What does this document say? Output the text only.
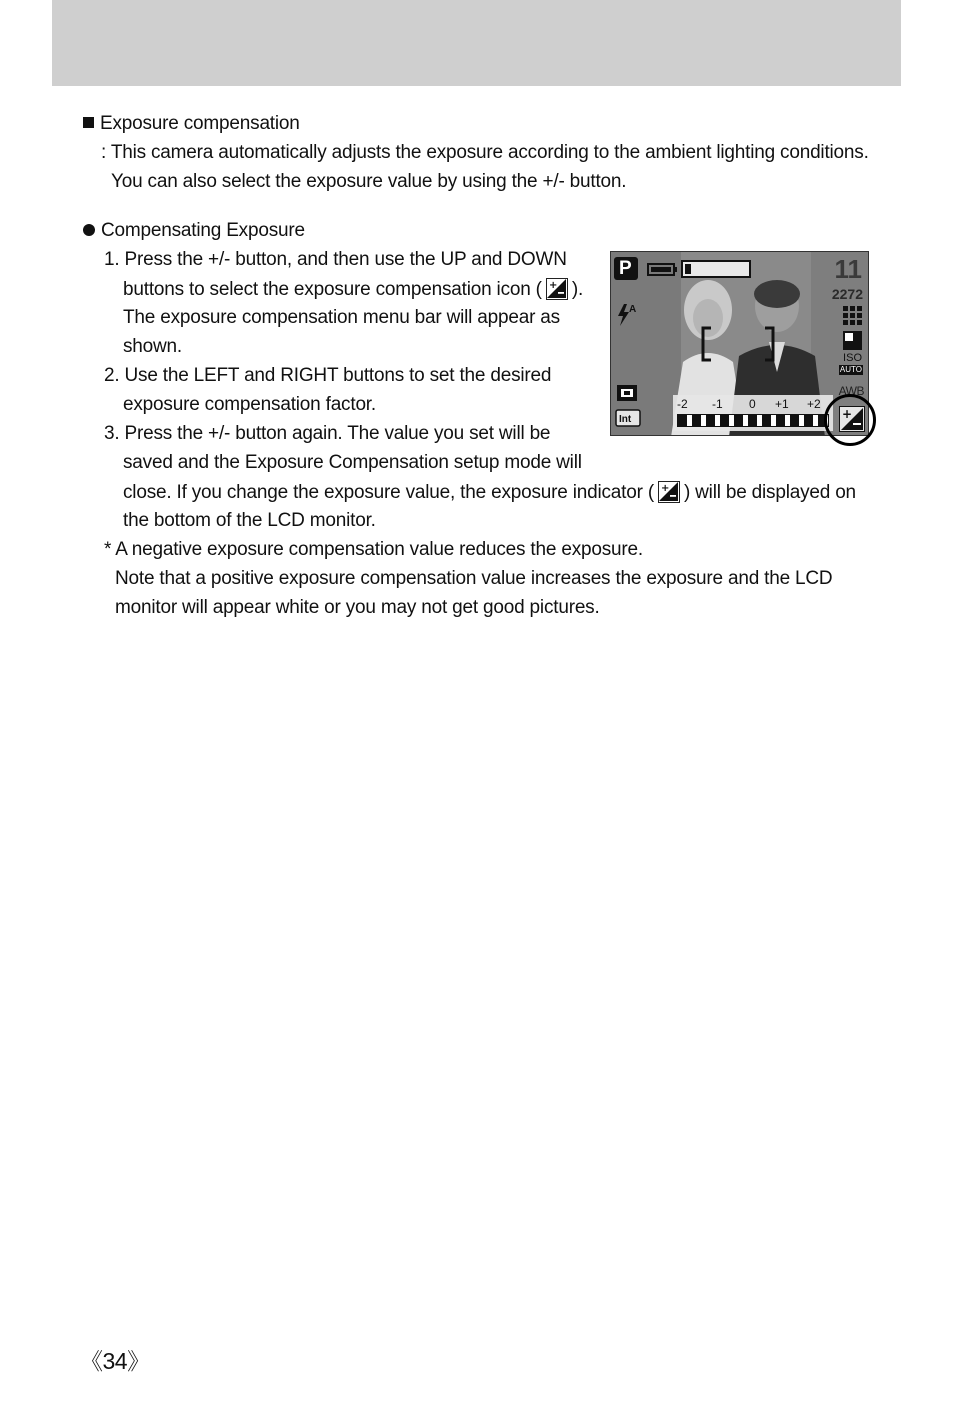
Exposure compensation
: This camera automatically adjusts the exposure according to the ambient lighting conditions.
You can also select the exposure value by using the +/- button.
Compensating Exposure
1. Press the +/- button, and then use the UP and DOWN
buttons to select the exposure compensation icon ( + ).
The exposure compensation menu bar will appear as
shown.
2. Use the LEFT and RIGHT buttons to set the desired
exposure compensation factor.
3. Press the +/- button again. The value you set will be
saved and the Exposure Compensation setup mode will
close. If you change the exposure value, the exposure indicator ( + ) will be displayed on
the bottom of the LCD monitor.
* A negative exposure compensation value reduces the exposure.
Note that a positive exposure compensation value increases the exposure and the LCD
monitor will appear white or you may not get good pictures.
P	11
2272
A
ISO
AUTO
AWB
Int
-2 -1 0 +1 +2
+
《34》
